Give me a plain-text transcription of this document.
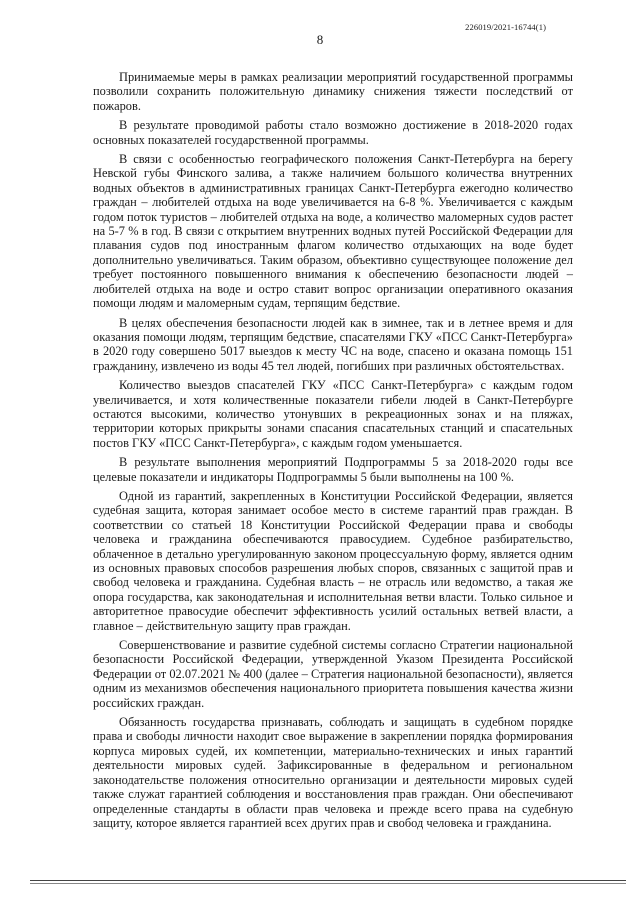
226019/2021-16744(1)
8

Принимаемые меры в рамках реализации мероприятий государственной программы позволили сохранить положительную динамику снижения тяжести последствий от пожаров.

В результате проводимой работы стало возможно достижение в 2018-2020 годах основных показателей государственной программы.

В связи с особенностью географического положения Санкт-Петербурга на берегу Невской губы Финского залива, а также наличием большого количества внутренних водных объектов в административных границах Санкт-Петербурга ежегодно количество граждан – любителей отдыха на воде увеличивается на 6-8 %. Увеличивается с каждым годом поток туристов – любителей отдыха на воде, а количество маломерных судов растет на 5-7 % в год. В связи с открытием внутренних водных путей Российской Федерации для плавания судов под иностранным флагом количество отдыхающих на воде будет дополнительно увеличиваться. Таким образом, объективно существующее положение дел требует постоянного повышенного внимания к обеспечению безопасности людей – любителей отдыха на воде и остро ставит вопрос организации оперативного оказания помощи людям и маломерным судам, терпящим бедствие.

В целях обеспечения безопасности людей как в зимнее, так и в летнее время и для оказания помощи людям, терпящим бедствие, спасателями ГКУ «ПСС Санкт-Петербурга» в 2020 году совершено 5017 выездов к месту ЧС на воде, спасено и оказана помощь 151 гражданину, извлечено из воды 45 тел людей, погибших при различных обстоятельствах.

Количество выездов спасателей ГКУ «ПСС Санкт-Петербурга» с каждым годом увеличивается, и хотя количественные показатели гибели людей в Санкт-Петербурге остаются высокими, количество утонувших в рекреационных зонах и на пляжах, территории которых прикрыты зонами спасания спасательных станций и спасательных постов ГКУ «ПСС Санкт-Петербурга», с каждым годом уменьшается.

В результате выполнения мероприятий Подпрограммы 5 за 2018-2020 годы все целевые показатели и индикаторы Подпрограммы 5 были выполнены на 100 %.

Одной из гарантий, закрепленных в Конституции Российской Федерации, является судебная защита, которая занимает особое место в системе гарантий прав граждан. В соответствии со статьей 18 Конституции Российской Федерации права и свободы человека и гражданина обеспечиваются правосудием. Судебное разбирательство, облаченное в детально урегулированную законом процессуальную форму, является одним из основных правовых способов разрешения любых споров, связанных с защитой прав и свобод человека и гражданина. Судебная власть – не отрасль или ведомство, а такая же опора государства, как законодательная и исполнительная ветви власти. Только сильное и авторитетное правосудие обеспечит эффективность усилий остальных ветвей власти, а главное – действительную защиту прав граждан.

Совершенствование и развитие судебной системы согласно Стратегии национальной безопасности Российской Федерации, утвержденной Указом Президента Российской Федерации от 02.07.2021 № 400 (далее – Стратегия национальной безопасности), является одним из механизмов обеспечения национального приоритета повышения качества жизни российских граждан.

Обязанность государства признавать, соблюдать и защищать в судебном порядке права и свободы личности находит свое выражение в закреплении порядка формирования корпуса мировых судей, их компетенции, материально-технических и иных гарантий деятельности мировых судей. Зафиксированные в федеральном и региональном законодательстве положения относительно организации и деятельности мировых судей также служат гарантией соблюдения и восстановления прав граждан. Они обеспечивают определенные стандарты в области прав человека и прежде всего права на судебную защиту, которое является гарантией всех других прав и свобод человека и гражданина.
